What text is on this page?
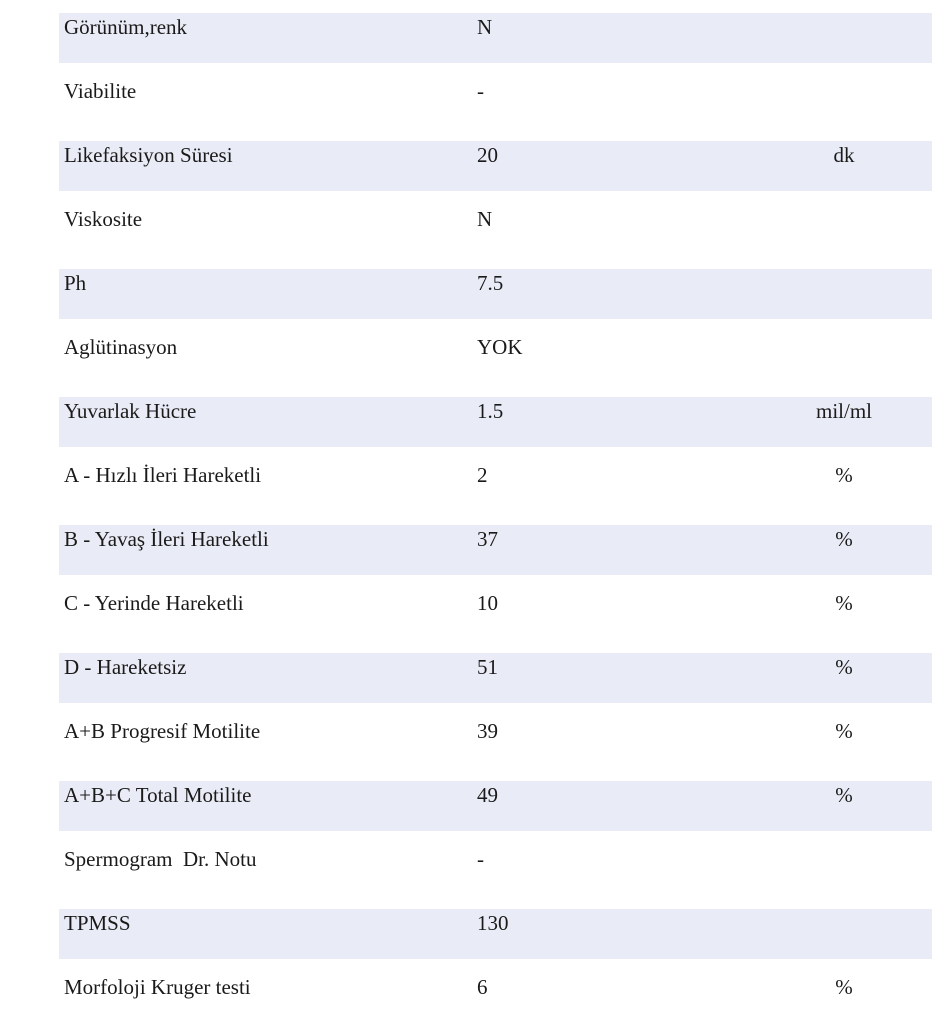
Görünüm,renk	N
Viabilite	-
Likefaksiyon Süresi	20	dk
Viskosite	N
Ph	7.5
Aglütinasyon	YOK
Yuvarlak Hücre	1.5	mil/ml
A - Hızlı İleri Hareketli	2	%
B - Yavaş İleri Hareketli	37	%
C - Yerinde Hareketli	10	%
D - Hareketsiz	51	%
A+B Progresif Motilite	39	%
A+B+C Total Motilite	49	%
Spermogram  Dr. Notu	-
TPMSS	130
Morfoloji Kruger testi	6	%
